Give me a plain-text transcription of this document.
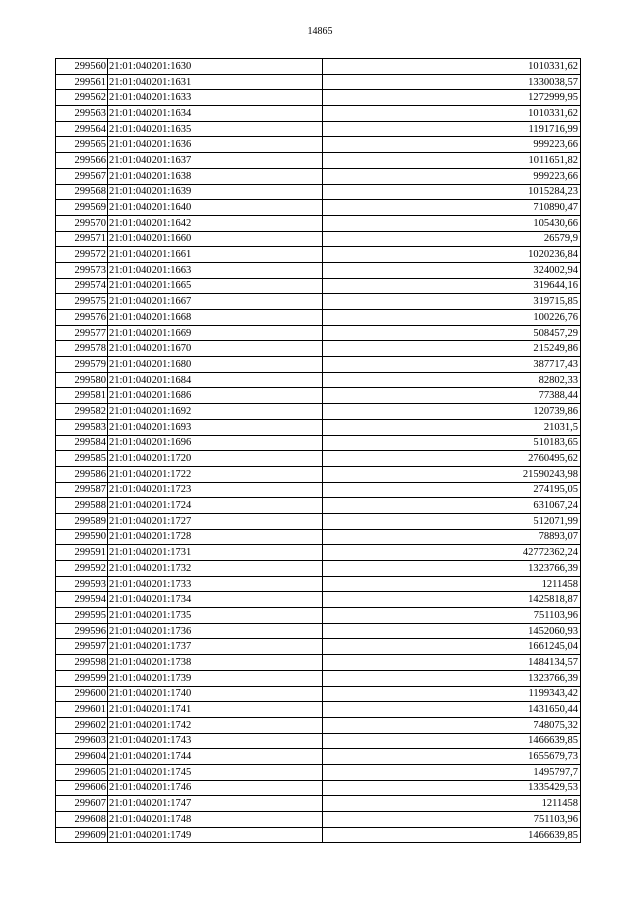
14865
299560	21:01:040201:1630	1010331,62
299561	21:01:040201:1631	1330038,57
299562	21:01:040201:1633	1272999,95
299563	21:01:040201:1634	1010331,62
299564	21:01:040201:1635	1191716,99
299565	21:01:040201:1636	999223,66
299566	21:01:040201:1637	1011651,82
299567	21:01:040201:1638	999223,66
299568	21:01:040201:1639	1015284,23
299569	21:01:040201:1640	710890,47
299570	21:01:040201:1642	105430,66
299571	21:01:040201:1660	26579,9
299572	21:01:040201:1661	1020236,84
299573	21:01:040201:1663	324002,94
299574	21:01:040201:1665	319644,16
299575	21:01:040201:1667	319715,85
299576	21:01:040201:1668	100226,76
299577	21:01:040201:1669	508457,29
299578	21:01:040201:1670	215249,86
299579	21:01:040201:1680	387717,43
299580	21:01:040201:1684	82802,33
299581	21:01:040201:1686	77388,44
299582	21:01:040201:1692	120739,86
299583	21:01:040201:1693	21031,5
299584	21:01:040201:1696	510183,65
299585	21:01:040201:1720	2760495,62
299586	21:01:040201:1722	21590243,98
299587	21:01:040201:1723	274195,05
299588	21:01:040201:1724	631067,24
299589	21:01:040201:1727	512071,99
299590	21:01:040201:1728	78893,07
299591	21:01:040201:1731	42772362,24
299592	21:01:040201:1732	1323766,39
299593	21:01:040201:1733	1211458
299594	21:01:040201:1734	1425818,87
299595	21:01:040201:1735	751103,96
299596	21:01:040201:1736	1452060,93
299597	21:01:040201:1737	1661245,04
299598	21:01:040201:1738	1484134,57
299599	21:01:040201:1739	1323766,39
299600	21:01:040201:1740	1199343,42
299601	21:01:040201:1741	1431650,44
299602	21:01:040201:1742	748075,32
299603	21:01:040201:1743	1466639,85
299604	21:01:040201:1744	1655679,73
299605	21:01:040201:1745	1495797,7
299606	21:01:040201:1746	1335429,53
299607	21:01:040201:1747	1211458
299608	21:01:040201:1748	751103,96
299609	21:01:040201:1749	1466639,85
